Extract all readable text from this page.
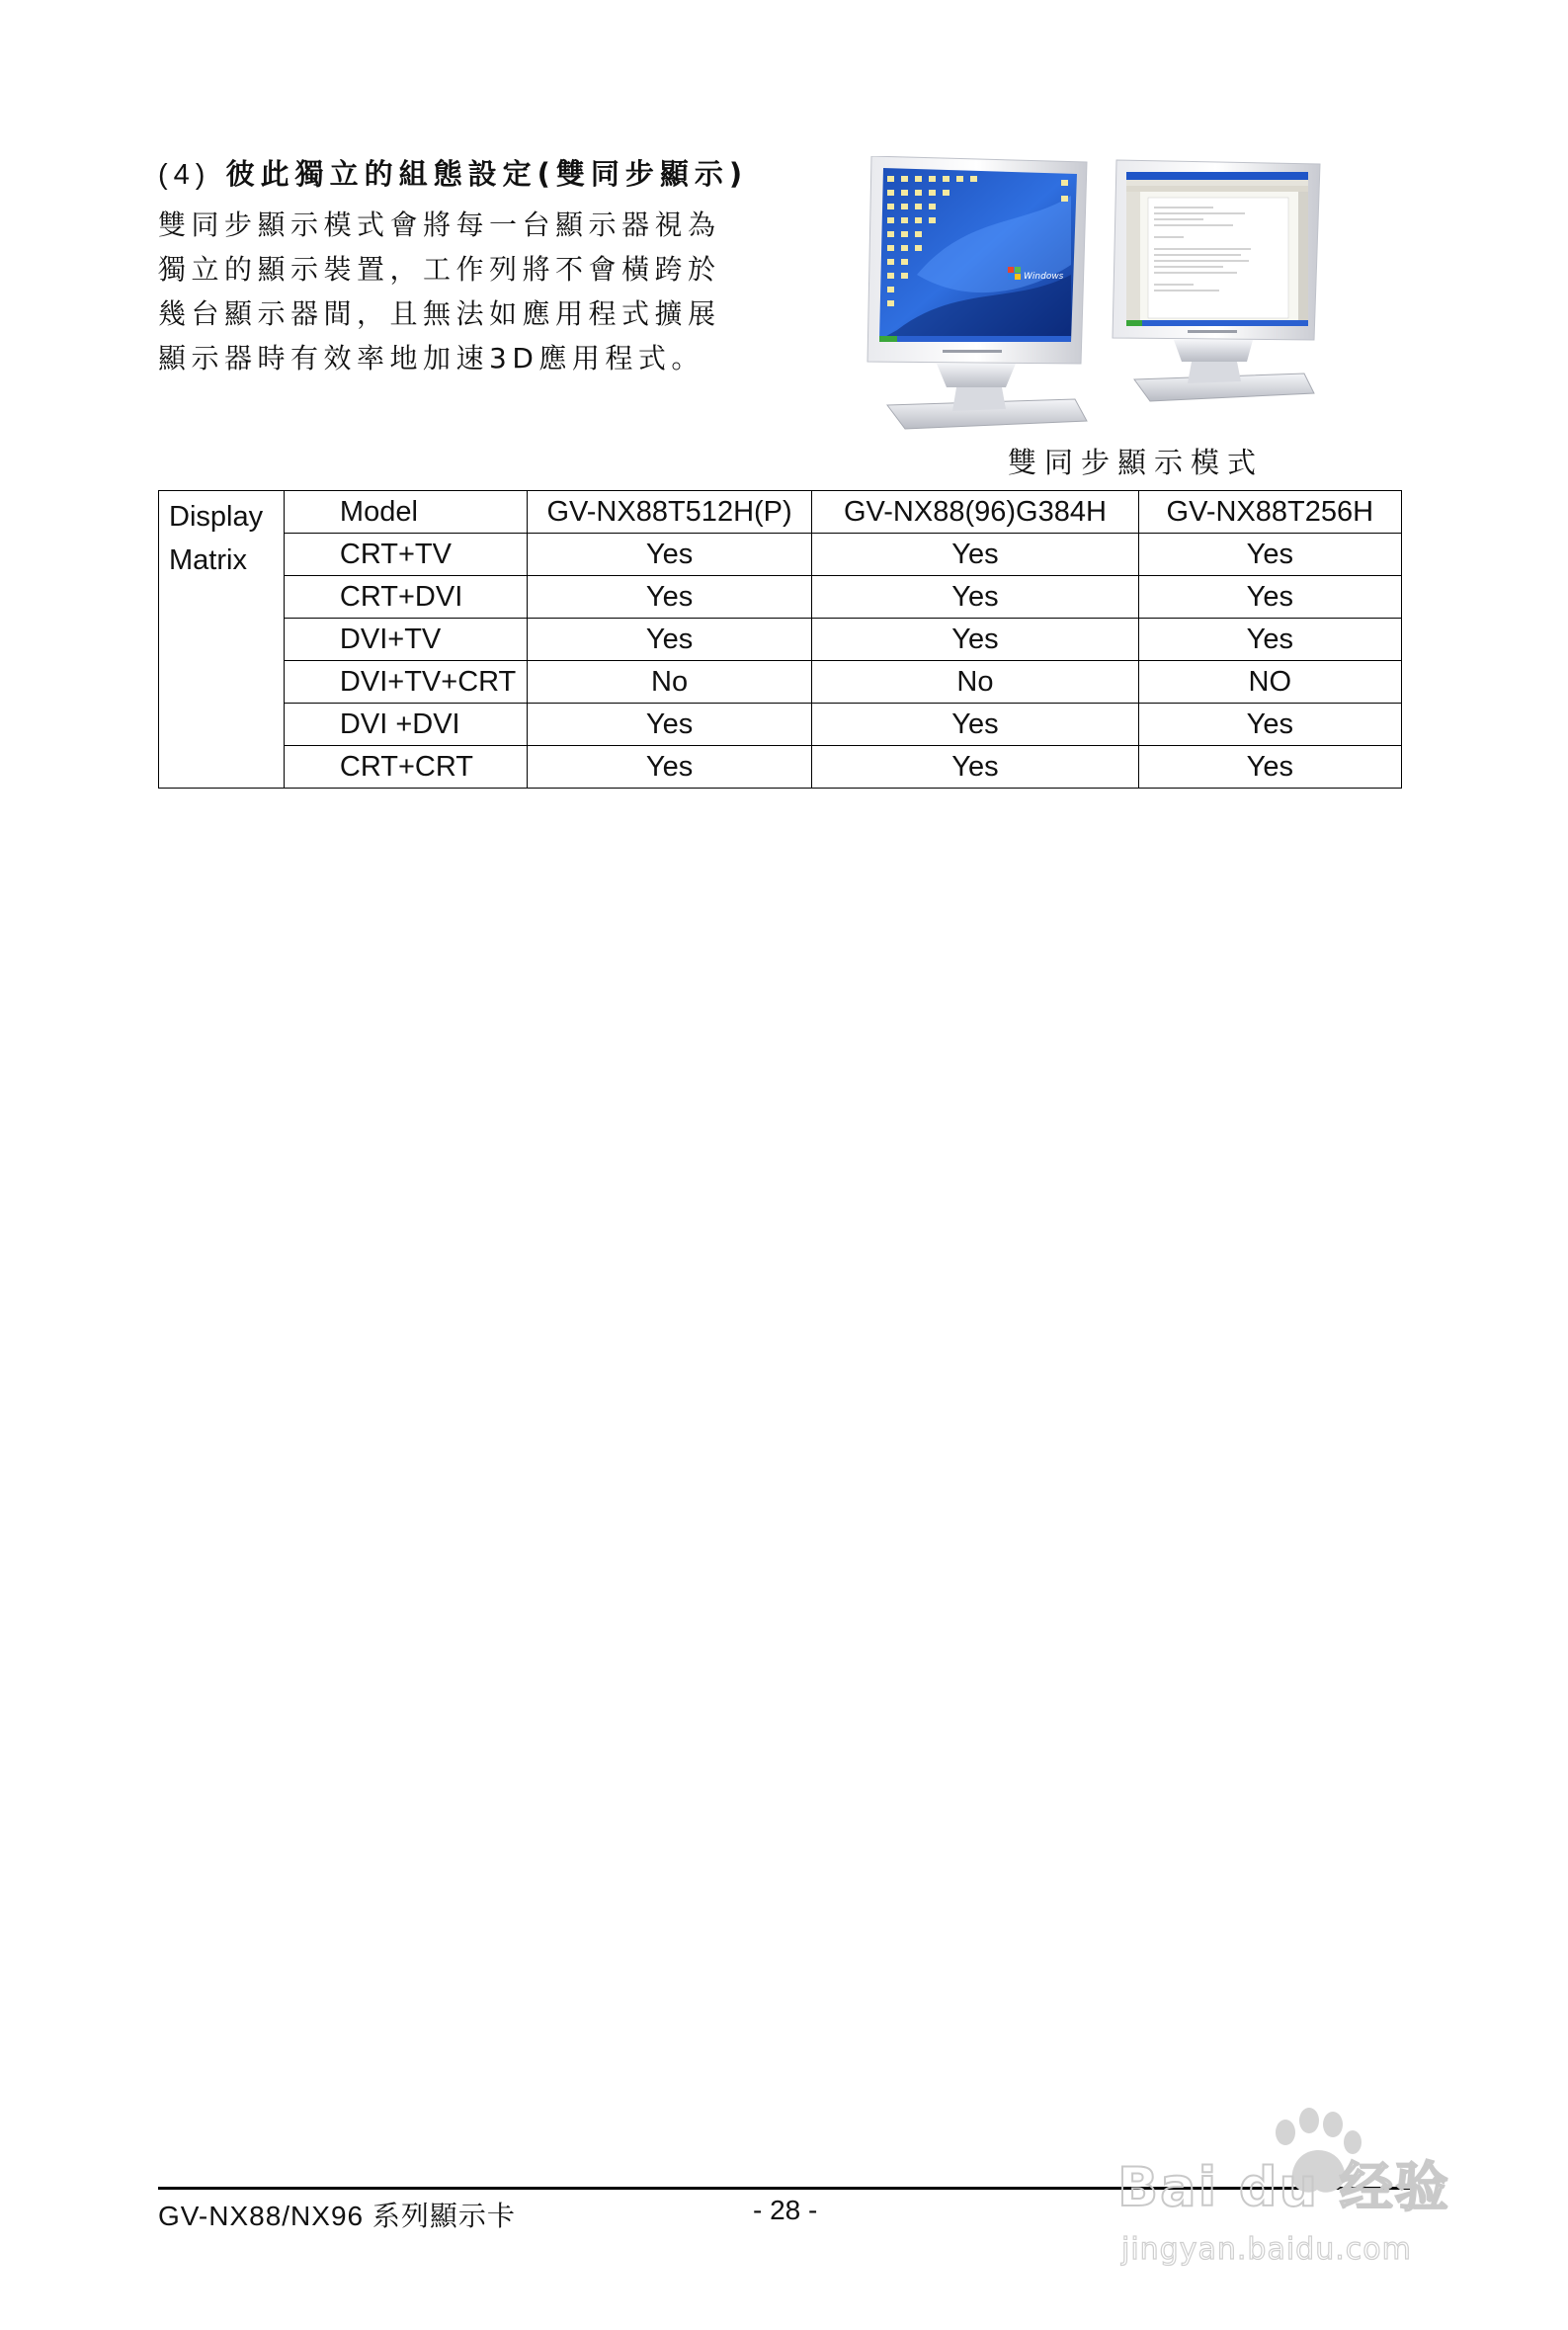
(4) 彼此獨立的組態設定(雙同步顯示)
雙同步顯示模式會將每一台顯示器視為
獨立的顯示裝置，工作列將不會橫跨於
幾台顯示器間，且無法如應用程式擴展
顯示器時有效率地加速3D應用程式。
Windows
雙同步顯示模式
Display
Matrix	Model	GV-NX88T512H(P)	GV-NX88(96)G384H	GV-NX88T256H
	CRT+TV	Yes	Yes	Yes
	CRT+DVI	Yes	Yes	Yes
	DVI+TV	Yes	Yes	Yes
	DVI+TV+CRT	No	No	NO
	DVI +DVI	Yes	Yes	Yes
	CRT+CRT	Yes	Yes	Yes
GV-NX88/NX96 系列顯示卡	- 28 -	Bai du 经验
jingyan.baidu.com
